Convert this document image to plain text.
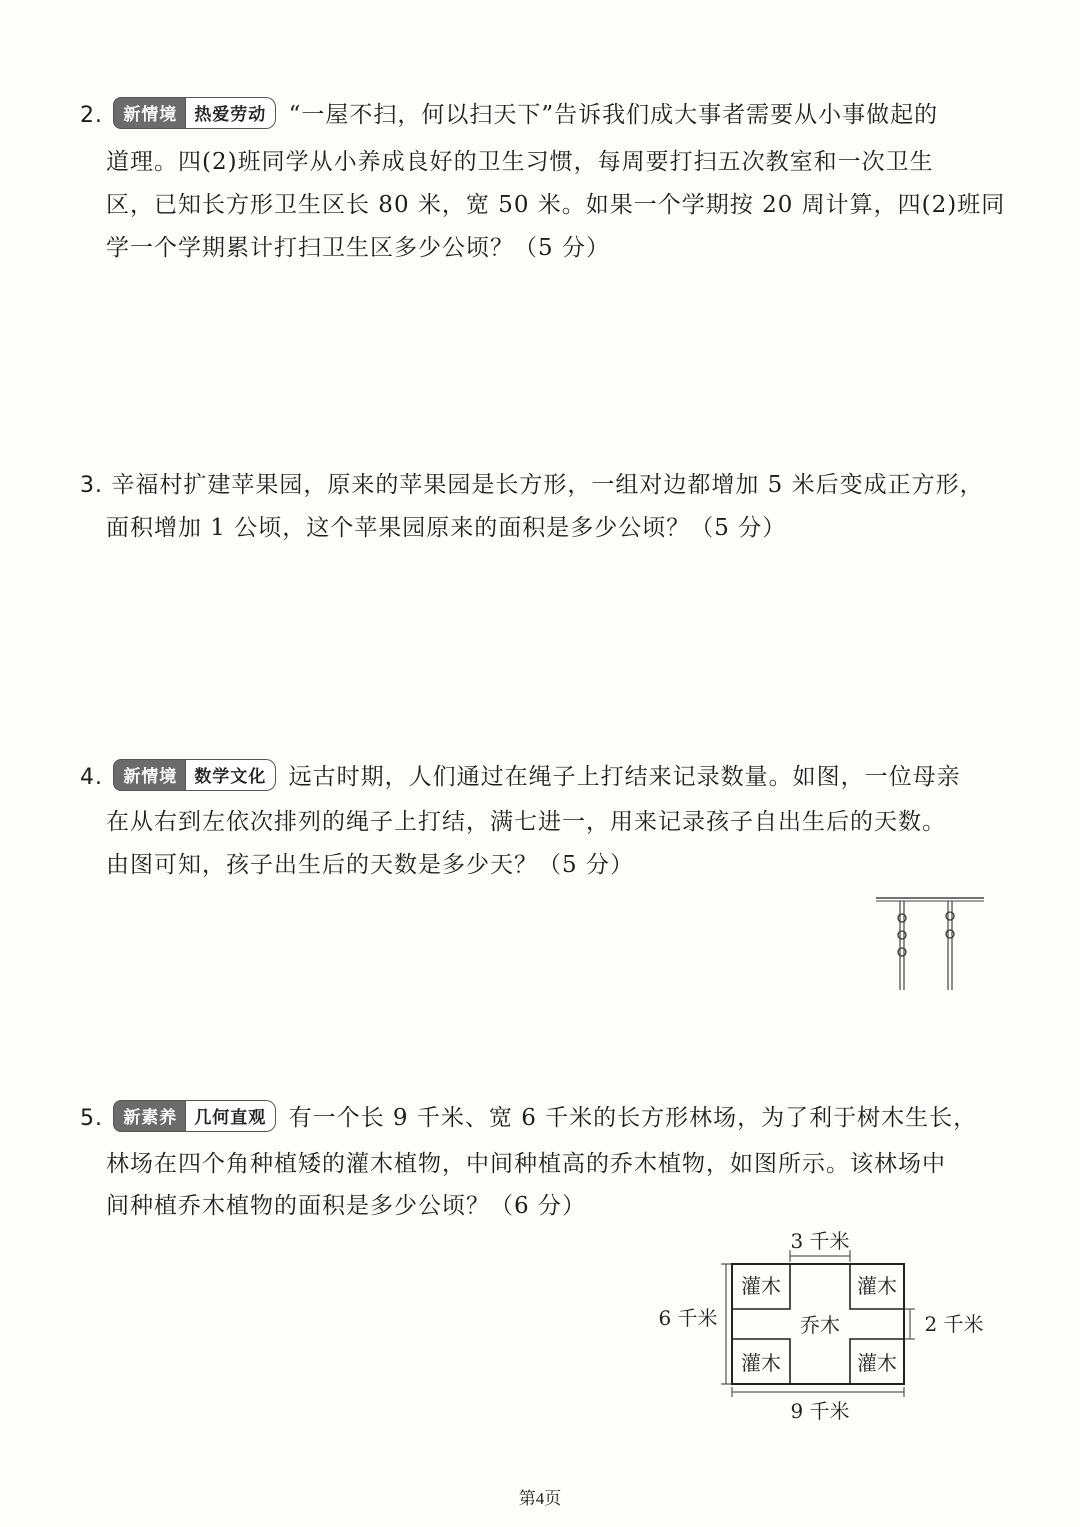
2.	新情境	热爱劳动 “一屋不扫，何以扫天下”告诉我们成大事者需要从小事做起的
道理。四(2)班同学从小养成良好的卫生习惯，每周要打扫五次教室和一次卫生
区，已知长方形卫生区长 80 米，宽 50 米。如果一个学期按 20 周计算，四(2)班同
学一个学期累计打扫卫生区多少公顷？（5 分）
3. 辛福村扩建苹果园，原来的苹果园是长方形，一组对边都增加 5 米后变成正方形，
面积增加 1 公顷，这个苹果园原来的面积是多少公顷？（5 分）
4.	新情境	数学文化 远古时期，人们通过在绳子上打结来记录数量。如图，一位母亲
在从右到左依次排列的绳子上打结，满七进一，用来记录孩子自出生后的天数。
由图可知，孩子出生后的天数是多少天？（5 分）
5.	新素养	几何直观 有一个长 9 千米、宽 6 千米的长方形林场，为了利于树木生长，
林场在四个角种植矮的灌木植物，中间种植高的乔木植物，如图所示。该林场中
间种植乔木植物的面积是多少公顷？（6 分）
3 千米
灌木	灌木
灌木	灌木
乔木
6 千米	2 千米
9 千米
第4页
